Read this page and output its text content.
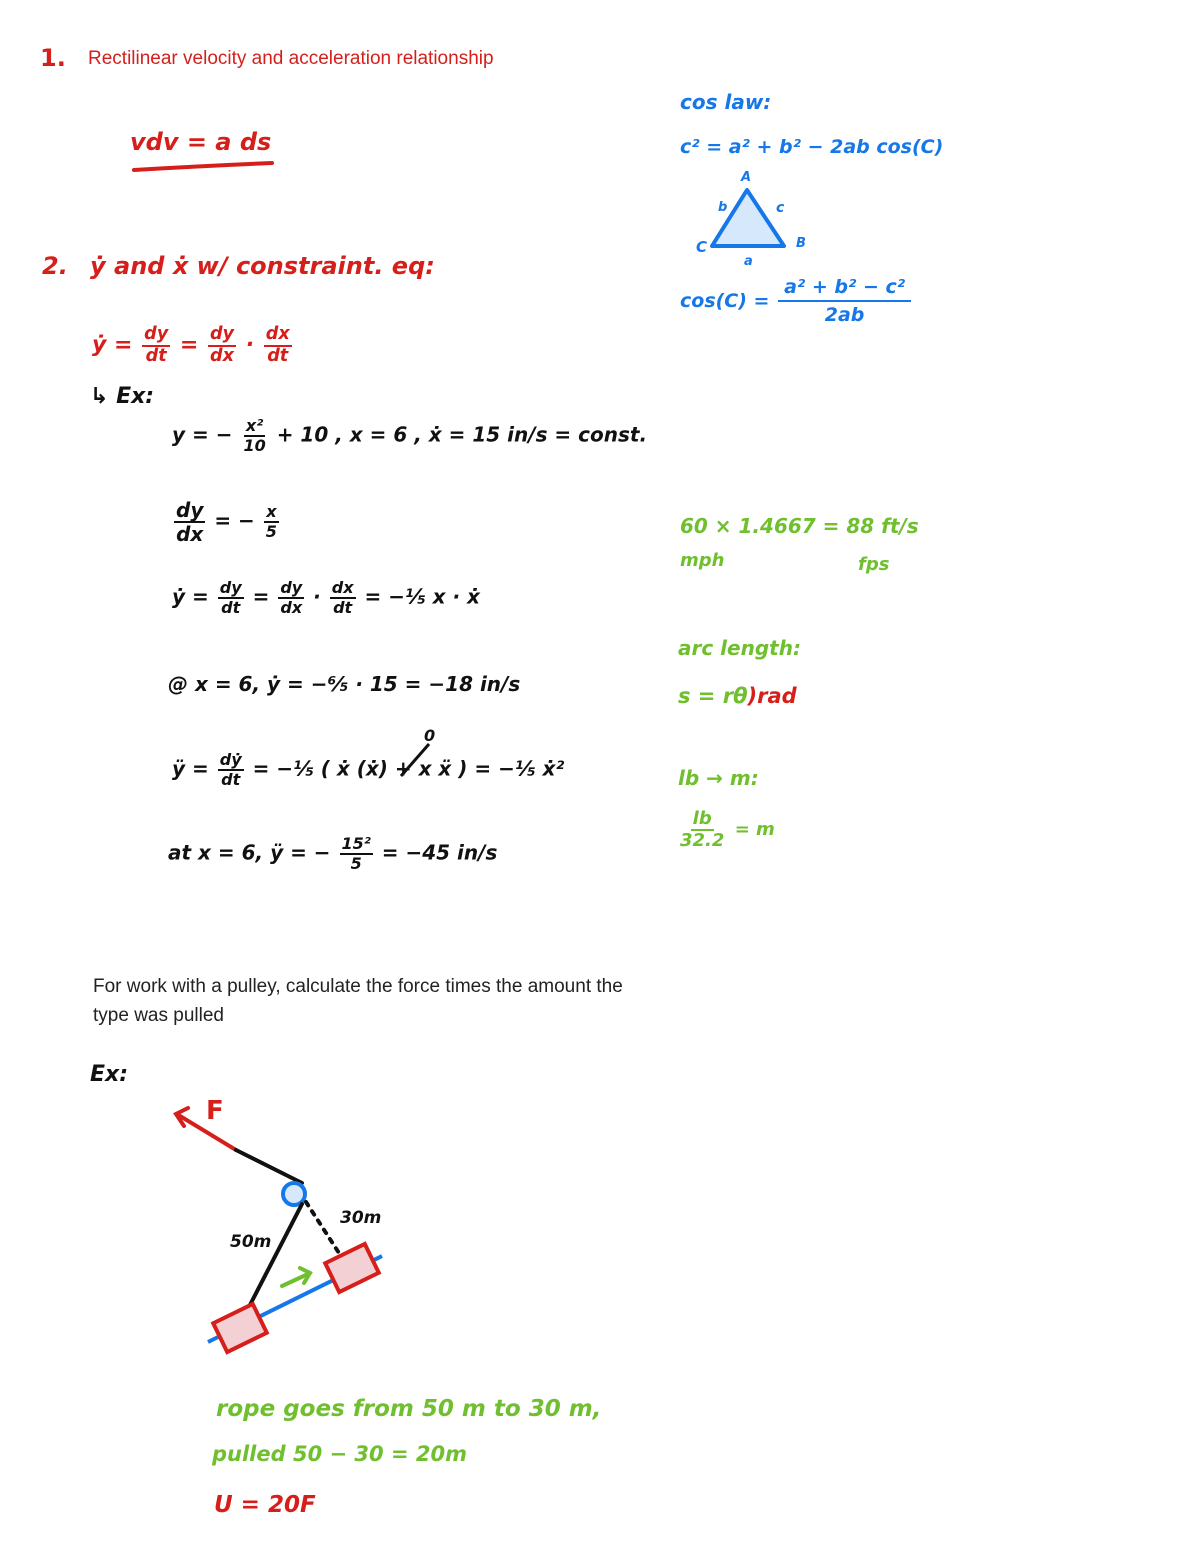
1. Rectilinear velocity and acceleration relationship
vdv = a ds
2. ẏ and ẋ w/ constraint. eq:
ẏ = $\frac{dy}{dt} = \frac{dy}{dx} \cdot \frac{dx}{dt}$
↳ Ex:
y = − $\frac{\text{x²}}{10} + 10$ , x = 6 , ẋ = 15 in/s = const.
$\frac{dy}{dx}$ = − $\frac{x}{5}$
ẏ = $\frac{dy}{dt} = \frac{dy}{dx} \cdot \frac{dx}{dt}$ = −⅕ x · ẋ
@ x = 6, ẏ = −⁶⁄₅ · 15 = −18 in/s
ÿ = $\frac{\text{dẏ}}{dt}$ = −⅕ ( ẋ (ẋ) + x ẍ ) = −⅕ ẋ²
0
at x = 6, ÿ = − $\frac{\text{15²}}{5} = -45$ in/s
cos law:
c² = a² + b² − 2ab cos(C)
A
B
C
b	c
a
$\cos(C) = \frac{\text{a² + b² − c²}}{2ab}$
60 × 1.4667 = 88 ft/s
mph	fps
arc length:
s = rθ)rad
lb → m:
$\frac{lb}{32.2} = m$
For work with a pulley, calculate the force times the amount the type was pulled
Ex:
F
50m
30m
rope goes from 50 m to 30 m,
pulled 50 − 30 = 20m
U = 20F
